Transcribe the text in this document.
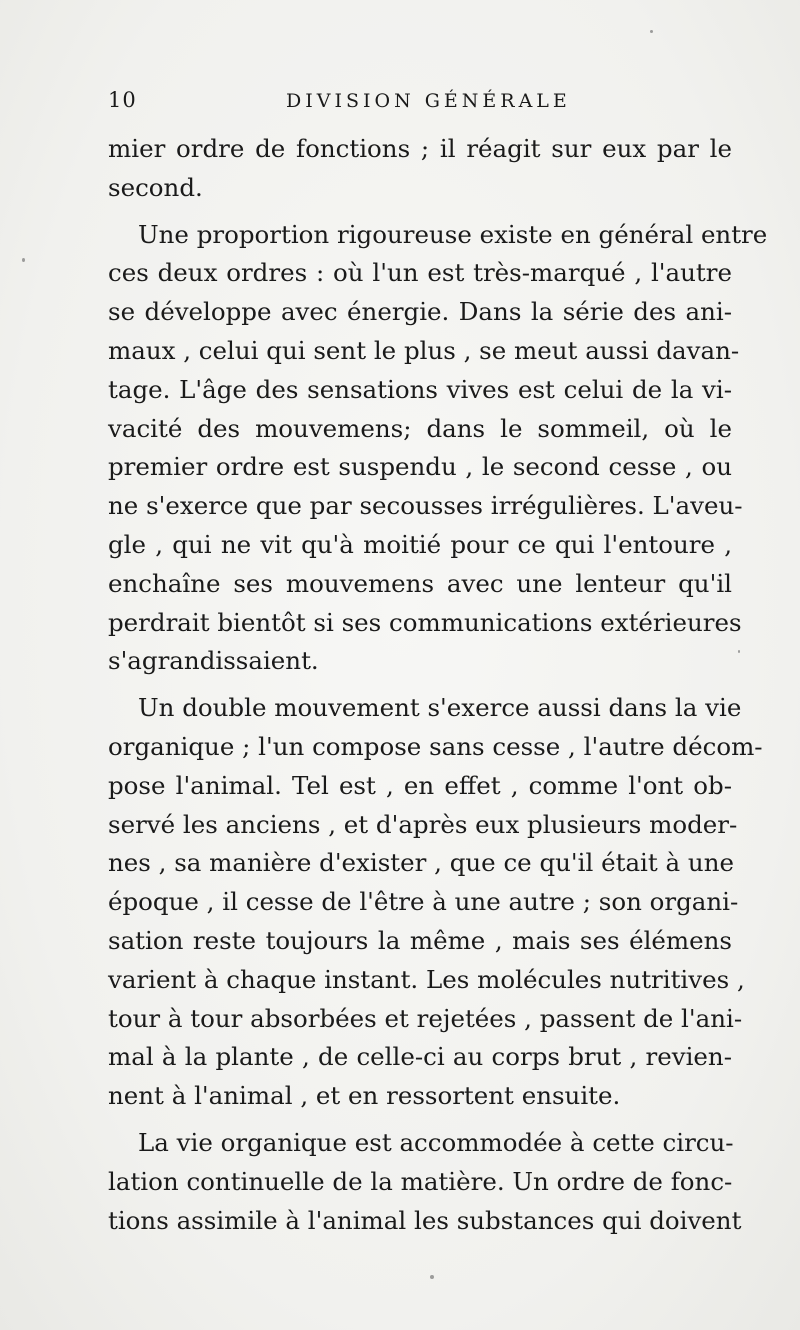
10	DIVISION GÉNÉRALE
mier ordre de fonctions ; il réagit sur eux par le
second.
Une proportion rigoureuse existe en général entre
ces deux ordres : où l'un est très-marqué , l'autre
se développe avec énergie. Dans la série des ani-
maux , celui qui sent le plus , se meut aussi davan-
tage. L'âge des sensations vives est celui de la vi-
vacité des mouvemens; dans le sommeil, où le
premier ordre est suspendu , le second cesse , ou
ne s'exerce que par secousses irrégulières. L'aveu-
gle , qui ne vit qu'à moitié pour ce qui l'entoure ,
enchaîne ses mouvemens avec une lenteur qu'il
perdrait bientôt si ses communications extérieures
s'agrandissaient.
Un double mouvement s'exerce aussi dans la vie
organique ; l'un compose sans cesse , l'autre décom-
pose l'animal. Tel est , en effet , comme l'ont ob-
servé les anciens , et d'après eux plusieurs moder-
nes , sa manière d'exister , que ce qu'il était à une
époque , il cesse de l'être à une autre ; son organi-
sation reste toujours la même , mais ses élémens
varient à chaque instant. Les molécules nutritives ,
tour à tour absorbées et rejetées , passent de l'ani-
mal à la plante , de celle-ci au corps brut , revien-
nent à l'animal , et en ressortent ensuite.
La vie organique est accommodée à cette circu-
lation continuelle de la matière. Un ordre de fonc-
tions assimile à l'animal les substances qui doivent
